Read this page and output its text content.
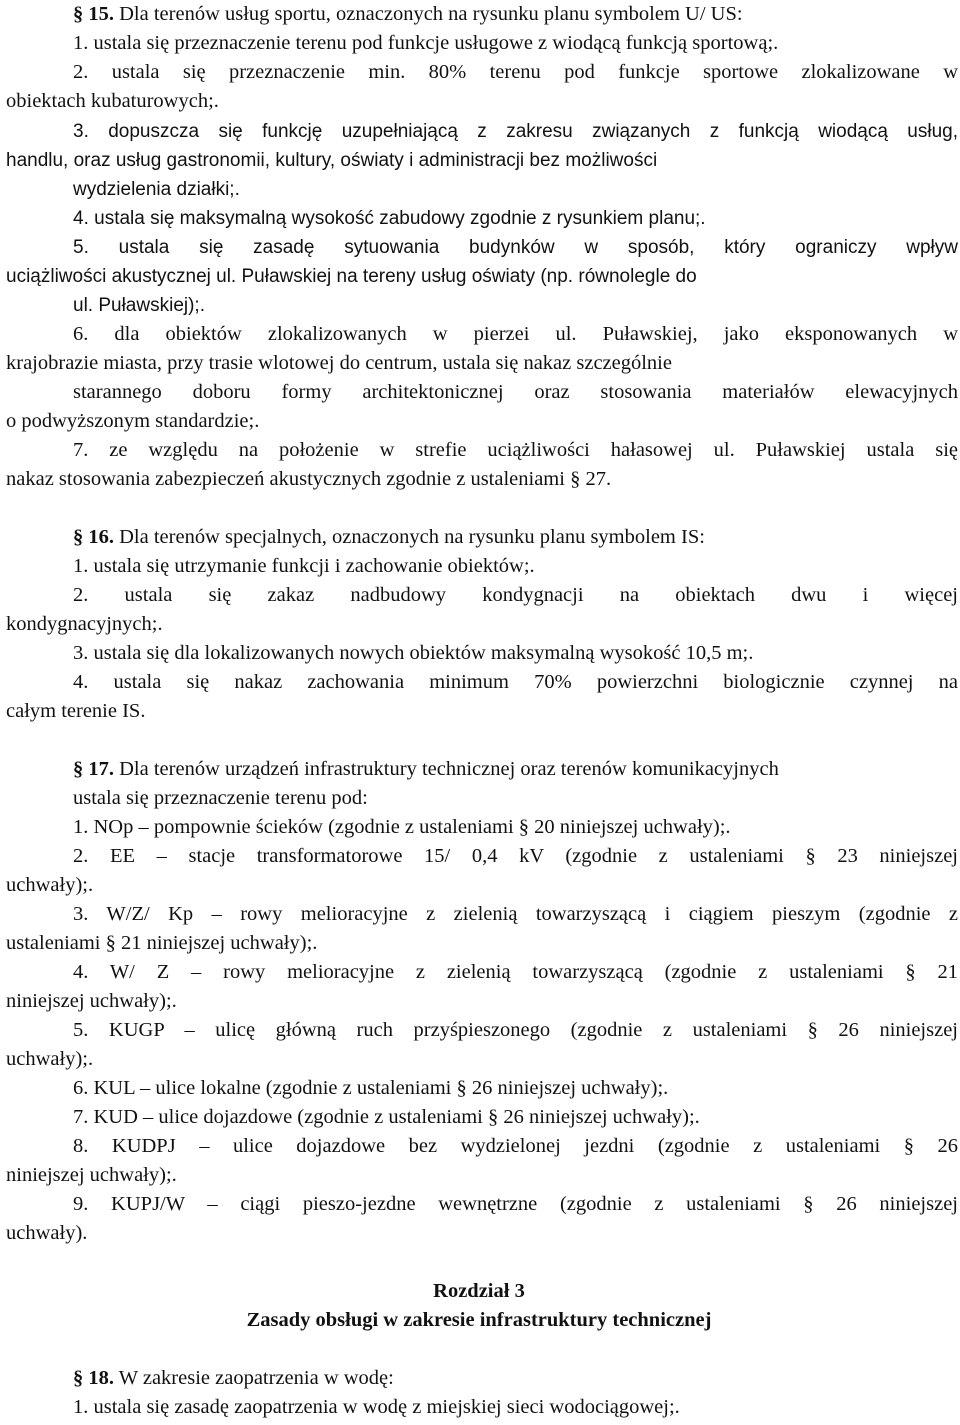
§ 15. Dla terenów usług sportu, oznaczonych na rysunku planu symbolem U/ US:
1. ustala się przeznaczenie terenu pod funkcje usługowe z wiodącą funkcją sportową;.
2. ustala się przeznaczenie min. 80% terenu pod funkcje sportowe zlokalizowane w
obiektach kubaturowych;.
3. dopuszcza się funkcję uzupełniającą z zakresu związanych z funkcją wiodącą usług,
handlu, oraz usług gastronomii, kultury, oświaty i administracji bez możliwości
wydzielenia działki;.
4. ustala się maksymalną wysokość zabudowy zgodnie z rysunkiem planu;.
5. ustala się zasadę sytuowania budynków w sposób, który ograniczy wpływ
uciążliwości akustycznej ul. Puławskiej na tereny usług oświaty (np. równolegle do
ul. Puławskiej);.
6. dla obiektów zlokalizowanych w pierzei ul. Puławskiej, jako eksponowanych w
krajobrazie miasta, przy trasie wlotowej do centrum, ustala się nakaz szczególnie
starannego doboru formy architektonicznej oraz stosowania materiałów elewacyjnych
o podwyższonym standardzie;.
7. ze względu na położenie w strefie uciążliwości hałasowej ul. Puławskiej ustala się
nakaz stosowania zabezpieczeń akustycznych zgodnie z ustaleniami § 27.
§ 16. Dla terenów specjalnych, oznaczonych na rysunku planu symbolem IS:
1. ustala się utrzymanie funkcji i zachowanie obiektów;.
2. ustala się zakaz nadbudowy kondygnacji na obiektach dwu i więcej
kondygnacyjnych;.
3. ustala się dla lokalizowanych nowych obiektów maksymalną wysokość 10,5 m;.
4. ustala się nakaz zachowania minimum 70% powierzchni biologicznie czynnej na
całym terenie IS.
§ 17. Dla terenów urządzeń infrastruktury technicznej oraz terenów komunikacyjnych
ustala się przeznaczenie terenu pod:
1. NOp – pompownie ścieków (zgodnie z ustaleniami § 20 niniejszej uchwały);.
2. EE – stacje transformatorowe 15/ 0,4 kV (zgodnie z ustaleniami § 23 niniejszej
uchwały);.
3. W/Z/ Kp – rowy melioracyjne z zielenią towarzyszącą i ciągiem pieszym (zgodnie z
ustaleniami § 21 niniejszej uchwały);.
4. W/ Z – rowy melioracyjne z zielenią towarzyszącą (zgodnie z ustaleniami § 21
niniejszej uchwały);.
5. KUGP – ulicę główną ruch przyśpieszonego (zgodnie z ustaleniami § 26 niniejszej
uchwały);.
6. KUL – ulice lokalne (zgodnie z ustaleniami § 26 niniejszej uchwały);.
7. KUD – ulice dojazdowe (zgodnie z ustaleniami § 26 niniejszej uchwały);.
8. KUDPJ – ulice dojazdowe bez wydzielonej jezdni (zgodnie z ustaleniami § 26
niniejszej uchwały);.
9. KUPJ/W – ciągi pieszo-jezdne wewnętrzne (zgodnie z ustaleniami § 26 niniejszej
uchwały).
Rozdział 3
Zasady obsługi w zakresie infrastruktury technicznej
§ 18. W zakresie zaopatrzenia w wodę:
1. ustala się zasadę zaopatrzenia w wodę z miejskiej sieci wodociągowej;.
